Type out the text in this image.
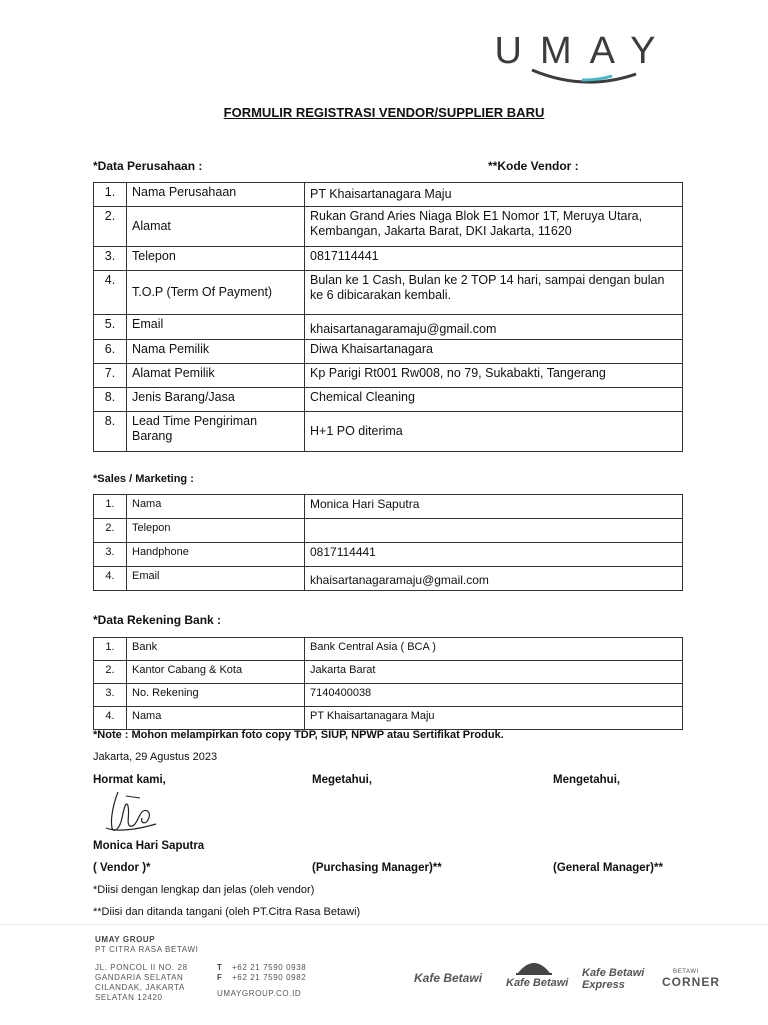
UMAY
FORMULIR REGISTRASI VENDOR/SUPPLIER BARU
*Data Perusahaan :	**Kode Vendor :
1.	Nama Perusahaan	PT Khaisartanagara Maju
2.	Alamat	Rukan Grand Aries Niaga Blok E1 Nomor 1T, Meruya Utara, Kembangan, Jakarta Barat, DKI Jakarta, 11620
3.	Telepon	0817114441
4.	T.O.P (Term Of Payment)	Bulan ke 1 Cash, Bulan ke 2 TOP 14 hari, sampai dengan bulan ke 6 dibicarakan kembali.
5.	Email	khaisartanagaramaju@gmail.com
6.	Nama Pemilik	Diwa Khaisartanagara
7.	Alamat Pemilik	Kp Parigi Rt001 Rw008, no 79, Sukabakti, Tangerang
8.	Jenis Barang/Jasa	Chemical Cleaning
8.	Lead Time Pengiriman Barang	H+1 PO diterima
*Sales / Marketing :
1.	Nama	Monica Hari Saputra
2.	Telepon	
3.	Handphone	0817114441
4.	Email	khaisartanagaramaju@gmail.com
*Data Rekening Bank :
1.	Bank	Bank Central Asia ( BCA )
2.	Kantor Cabang & Kota	Jakarta Barat
3.	No. Rekening	7140400038
4.	Nama	PT Khaisartanagara Maju
*Note : Mohon melampirkan foto copy TDP, SIUP, NPWP atau Sertifikat Produk.
Jakarta, 29 Agustus 2023
Hormat kami,	Megetahui,	Mengetahui,
Monica Hari Saputra
( Vendor )*	(Purchasing Manager)**	(General Manager)**
*Diisi dengan lengkap dan jelas (oleh vendor)
**Diisi dan ditanda tangani (oleh PT.Citra Rasa Betawi)
UMAY GROUP
PT CITRA RASA BETAWI
JL. PONCOL II NO. 28
GANDARIA SELATAN
CILANDAK, JAKARTA
SELATAN 12420
T +62 21 7590 0938
F +62 21 7590 0982
UMAYGROUP.CO.ID
Kafe Betawi Kafe Betawi
Kafe Betawi Express
BETAWI
CORNER
